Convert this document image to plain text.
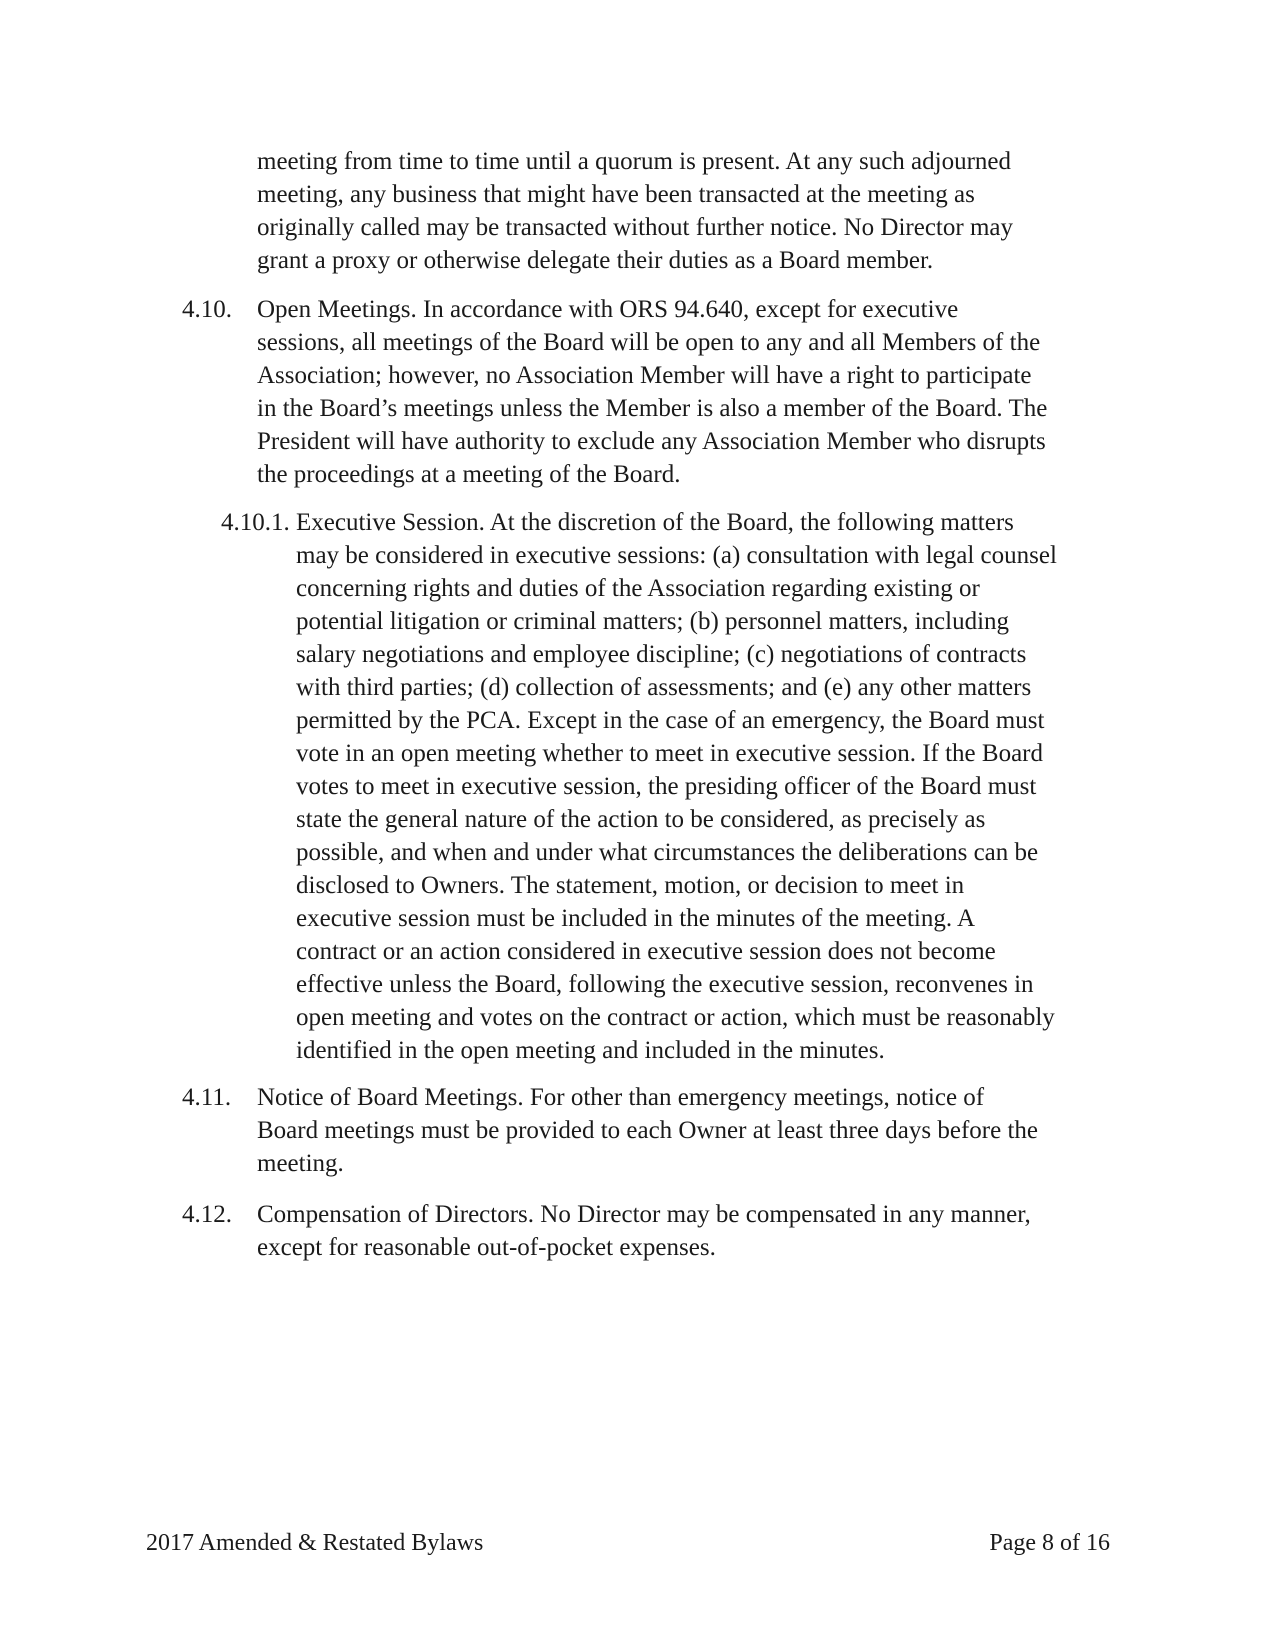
meeting from time to time until a quorum is present. At any such adjourned

meeting, any business that might have been transacted at the meeting as

originally called may be transacted without further notice. No Director may

grant a proxy or otherwise delegate their duties as a Board member.

4.10. Open Meetings. In accordance with ORS 94.640, except for executive

sessions, all meetings of the Board will be open to any and all Members of the

Association; however, no Association Member will have a right to participate

in the Board’s meetings unless the Member is also a member of the Board. The

President will have authority to exclude any Association Member who disrupts

the proceedings at a meeting of the Board.

4.10.1. Executive Session. At the discretion of the Board, the following matters

may be considered in executive sessions: (a) consultation with legal counsel

concerning rights and duties of the Association regarding existing or

potential litigation or criminal matters; (b) personnel matters, including

salary negotiations and employee discipline; (c) negotiations of contracts

with third parties; (d) collection of assessments; and (e) any other matters

permitted by the PCA. Except in the case of an emergency, the Board must

vote in an open meeting whether to meet in executive session. If the Board

votes to meet in executive session, the presiding officer of the Board must

state the general nature of the action to be considered, as precisely as

possible, and when and under what circumstances the deliberations can be

disclosed to Owners. The statement, motion, or decision to meet in

executive session must be included in the minutes of the meeting. A

contract or an action considered in executive session does not become

effective unless the Board, following the executive session, reconvenes in

open meeting and votes on the contract or action, which must be reasonably

identified in the open meeting and included in the minutes.

4.11. Notice of Board Meetings. For other than emergency meetings, notice of

Board meetings must be provided to each Owner at least three days before the

meeting.

4.12. Compensation of Directors. No Director may be compensated in any manner,

except for reasonable out-of-pocket expenses.

2017 Amended & Restated Bylaws	Page 8 of 16
